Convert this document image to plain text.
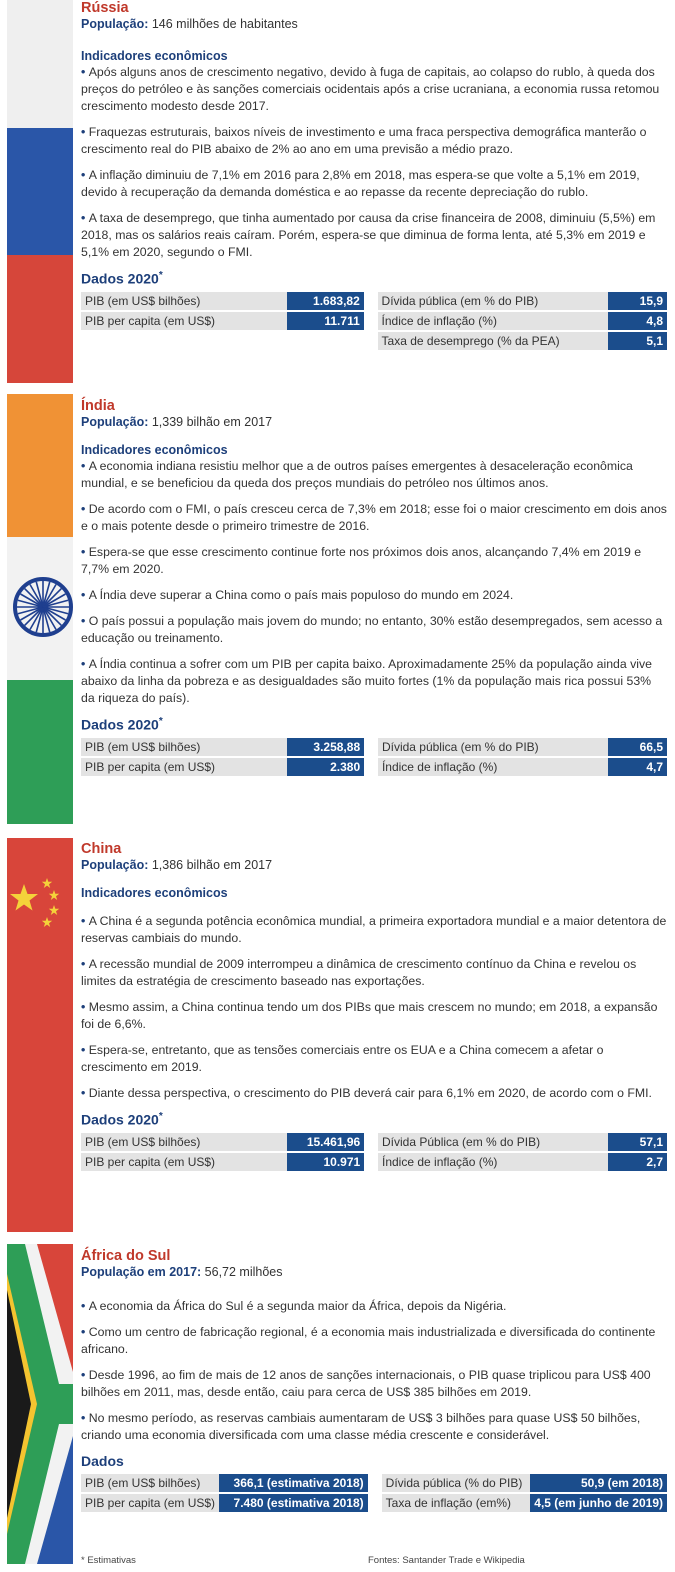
Rússia
População: 146 milhões de habitantes
Indicadores econômicos

• Após alguns anos de crescimento negativo, devido à fuga de capitais, ao colapso do rublo, à queda dos preços do petróleo e às sanções comerciais ocidentais após a crise ucraniana, a economia russa retomou crescimento modesto desde 2017.

• Fraquezas estruturais, baixos níveis de investimento e uma fraca perspectiva demográfica manterão o crescimento real do PIB abaixo de 2% ao ano em uma previsão a médio prazo.

• A inflação diminuiu de 7,1% em 2016 para 2,8% em 2018, mas espera-se que volte a 5,1% em 2019, devido à recuperação da demanda doméstica e ao repasse da recente depreciação do rublo.

• A taxa de desemprego, que tinha aumentado por causa da crise financeira de 2008, diminuiu (5,5%) em 2018, mas os salários reais caíram. Porém, espera-se que diminua de forma lenta, até 5,3% em 2019 e 5,1% em 2020, segundo o FMI.

Dados 2020*
PIB (em US$ bilhões)	1.683,82		Dívida pública (em % do PIB)	15,9
PIB per capita (em US$)	11.711		Índice de inflação (%)	4,8
			Taxa de desemprego (% da PEA)	5,1
Índia
População: 1,339 bilhão em 2017
Indicadores econômicos

• A economia indiana resistiu melhor que a de outros países emergentes à desaceleração econômica mundial, e se beneficiou da queda dos preços mundiais do petróleo nos últimos anos.

• De acordo com o FMI, o país cresceu cerca de 7,3% em 2018; esse foi o maior crescimento em dois anos e o mais potente desde o primeiro trimestre de 2016.

• Espera-se que esse crescimento continue forte nos próximos dois anos, alcançando 7,4% em 2019 e 7,7% em 2020.

• A Índia deve superar a China como o país mais populoso do mundo em 2024.

• O país possui a população mais jovem do mundo; no entanto, 30% estão desempregados, sem acesso a educação ou treinamento.

• A Índia continua a sofrer com um PIB per capita baixo. Aproximadamente 25% da população ainda vive abaixo da linha da pobreza e as desigualdades são muito fortes (1% da população mais rica possui 53% da riqueza do país).

Dados 2020*
PIB (em US$ bilhões)	3.258,88		Dívida pública (em % do PIB)	66,5
PIB per capita (em US$)	2.380		Índice de inflação (%)	4,7
China
População: 1,386 bilhão em 2017
Indicadores econômicos

• A China é a segunda potência econômica mundial, a primeira exportadora mundial e a maior detentora de reservas cambiais do mundo.

• A recessão mundial de 2009 interrompeu a dinâmica de crescimento contínuo da China e revelou os limites da estratégia de crescimento baseado nas exportações.

• Mesmo assim, a China continua tendo um dos PIBs que mais crescem no mundo; em 2018, a expansão foi de 6,6%.

• Espera-se, entretanto, que as tensões comerciais entre os EUA e a China comecem a afetar o crescimento em 2019.

• Diante dessa perspectiva, o crescimento do PIB deverá cair para 6,1% em 2020, de acordo com o FMI.

Dados 2020*
PIB (em US$ bilhões)	15.461,96		Dívida Pública (em % do PIB)	57,1
PIB per capita (em US$)	10.971		Índice de inflação (%)	2,7
África do Sul
População em 2017: 56,72 milhões

• A economia da África do Sul é a segunda maior da África, depois da Nigéria.

• Como um centro de fabricação regional, é a economia mais industrializada e diversificada do continente africano.

• Desde 1996, ao fim de mais de 12 anos de sanções internacionais, o PIB quase triplicou para US$ 400 bilhões em 2011, mas, desde então, caiu para cerca de US$ 385 bilhões em 2019.

• No mesmo período, as reservas cambiais aumentaram de US$ 3 bilhões para quase US$ 50 bilhões, criando uma economia diversificada com uma classe média crescente e considerável.

Dados
PIB (em US$ bilhões)	366,1 (estimativa 2018)		Dívida pública (% do PIB)	50,9 (em 2018)
PIB per capita (em US$)	7.480 (estimativa 2018)		Taxa de inflação (em%)	4,5 (em junho de 2019)
* Estimativas	Fontes: Santander Trade e Wikipedia
